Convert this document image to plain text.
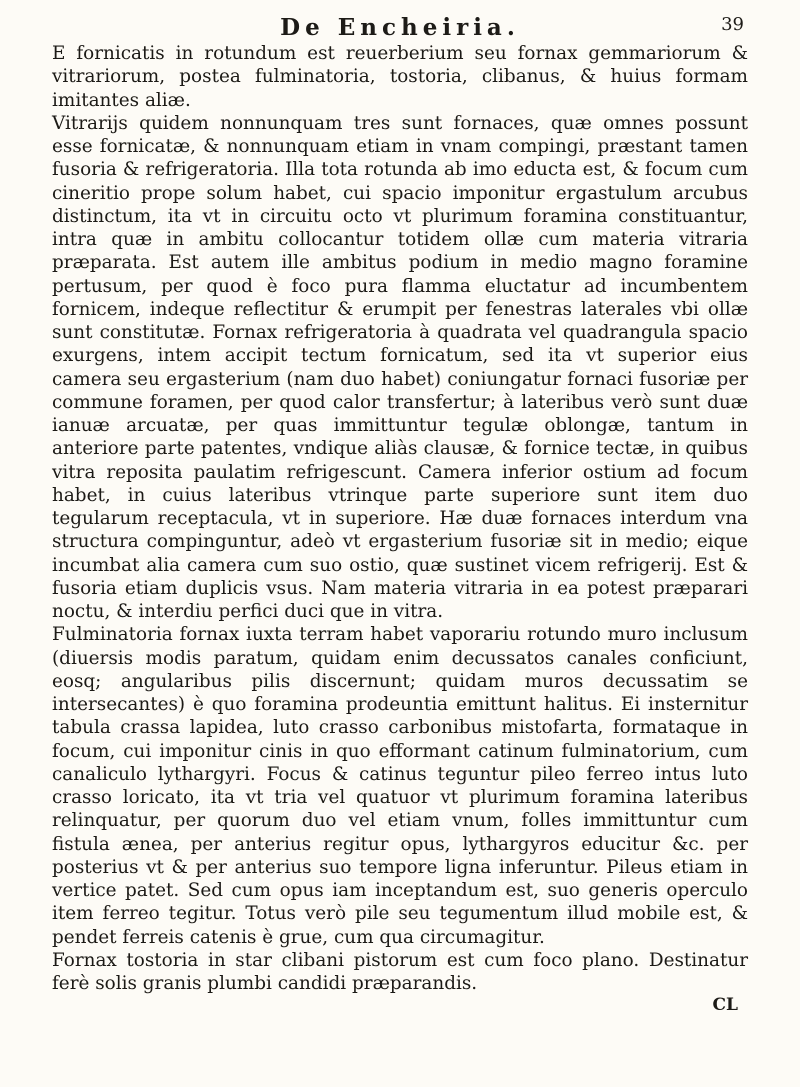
De Encheiria.	39

E fornicatis in rotundum est reuerberium seu fornax gemmariorum & vitrariorum, postea fulminatoria, tostoria, clibanus, & huius formam imitantes aliæ.

Vitrarijs quidem nonnunquam tres sunt fornaces, quæ omnes possunt esse fornicatæ, & nonnunquam etiam in vnam compingi, præstant tamen fusoria & refrigeratoria. Illa tota rotunda ab imo educta est, & focum cum cineritio prope solum habet, cui spacio imponitur ergastulum arcubus distinctum, ita vt in circuitu octo vt plurimum foramina constituantur, intra quæ in ambitu collocantur totidem ollæ cum materia vitraria præparata. Est autem ille ambitus podium in medio magno foramine pertusum, per quod è foco pura flamma eluctatur ad incumbentem fornicem, indeque reflectitur & erumpit per fenestras laterales vbi ollæ sunt constitutæ. Fornax refrigeratoria à quadrata vel quadrangula spacio exurgens, intem accipit tectum fornicatum, sed ita vt superior eius camera seu ergasterium (nam duo habet) coniungatur fornaci fusoriæ per commune foramen, per quod calor transfertur; à lateribus verò sunt duæ ianuæ arcuatæ, per quas immittuntur tegulæ oblongæ, tantum in anteriore parte patentes, vndique aliàs clausæ, & fornice tectæ, in quibus vitra reposita paulatim refrigescunt. Camera inferior ostium ad focum habet, in cuius lateribus vtrinque parte superiore sunt item duo tegularum receptacula, vt in superiore. Hæ duæ fornaces interdum vna structura compinguntur, adeò vt ergasterium fusoriæ sit in medio; eique incumbat alia camera cum suo ostio, quæ sustinet vicem refrigerij. Est & fusoria etiam duplicis vsus. Nam materia vitraria in ea potest præparari noctu, & interdiu perfici duci que in vitra.

Fulminatoria fornax iuxta terram habet vaporariu rotundo muro inclusum (diuersis modis paratum, quidam enim decussatos canales conficiunt, eosq; angularibus pilis discernunt; quidam muros decussatim se intersecantes) è quo foramina prodeuntia emittunt halitus. Ei insternitur tabula crassa lapidea, luto crasso carbonibus mistofarta, formataque in focum, cui imponitur cinis in quo efformant catinum fulminatorium, cum canaliculo lythargyri. Focus & catinus teguntur pileo ferreo intus luto crasso loricato, ita vt tria vel quatuor vt plurimum foramina lateribus relinquatur, per quorum duo vel etiam vnum, folles immittuntur cum fistula ænea, per anterius regitur opus, lythargyros educitur &c. per posterius vt & per anterius suo tempore ligna inferuntur. Pileus etiam in vertice patet. Sed cum opus iam inceptandum est, suo generis operculo item ferreo tegitur. Totus verò pile seu tegumentum illud mobile est, & pendet ferreis catenis è grue, cum qua circumagitur.

Fornax tostoria in star clibani pistorum est cum foco plano. Destinatur ferè solis granis plumbi candidi præparandis.

CL
